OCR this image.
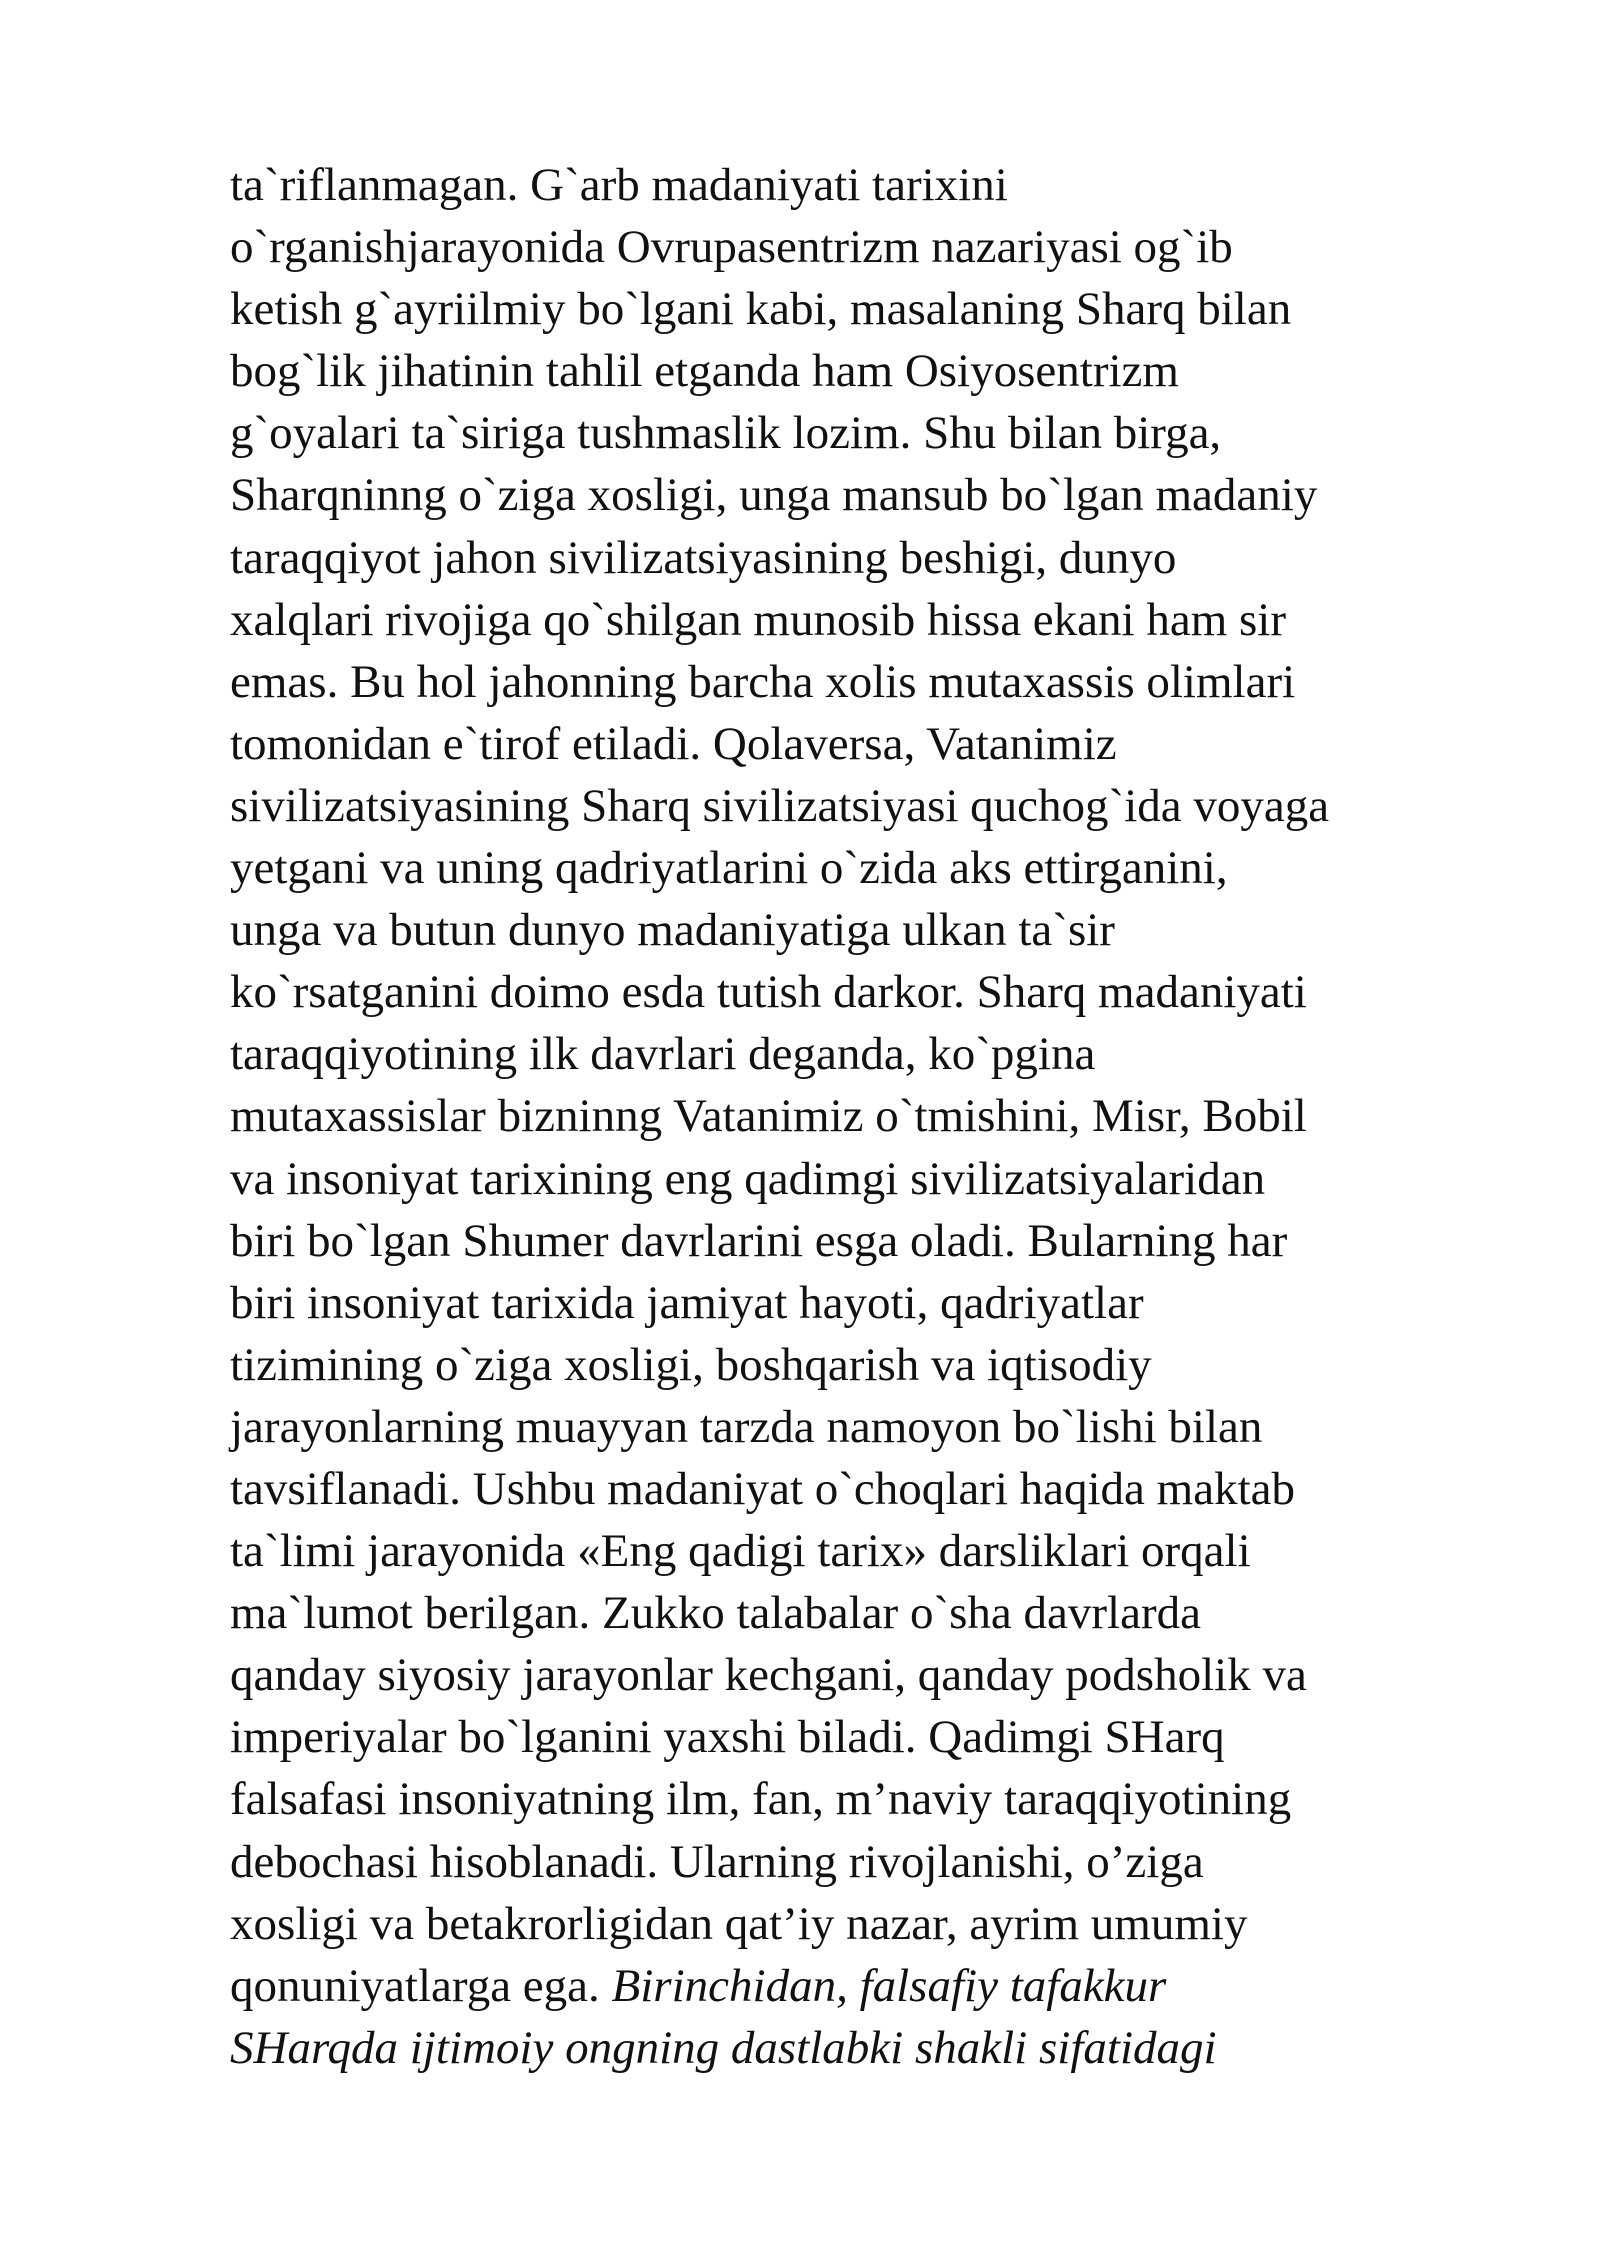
ta`riflanmagan. G`arb madaniyati tarixini
o`rganishjarayonida Ovrupasentrizm nazariyasi og`ib
ketish g`ayriilmiy bo`lgani kabi, masalaning Sharq bilan
bog`lik jihatinin tahlil etganda ham Osiyosentrizm
g`oyalari ta`siriga tushmaslik lozim. Shu bilan birga,
Sharqninng o`ziga xosligi, unga mansub bo`lgan madaniy
taraqqiyot jahon sivilizatsiyasining beshigi, dunyo
xalqlari rivojiga qo`shilgan munosib hissa ekani ham sir
emas. Bu hol jahonning barcha xolis mutaxassis olimlari
tomonidan e`tirof etiladi. Qolaversa, Vatanimiz
sivilizatsiyasining Sharq sivilizatsiyasi quchog`ida voyaga
yetgani va uning qadriyatlarini o`zida aks ettirganini,
unga va butun dunyo madaniyatiga ulkan ta`sir
ko`rsatganini doimo esda tutish darkor. Sharq madaniyati
taraqqiyotining ilk davrlari deganda, ko`pgina
mutaxassislar bizninng Vatanimiz o`tmishini, Misr, Bobil
va insoniyat tarixining eng qadimgi sivilizatsiyalaridan
biri bo`lgan Shumer davrlarini esga oladi. Bularning har
biri insoniyat tarixida jamiyat hayoti, qadriyatlar
tizimining o`ziga xosligi, boshqarish va iqtisodiy
jarayonlarning muayyan tarzda namoyon bo`lishi bilan
tavsiflanadi. Ushbu madaniyat o`choqlari haqida maktab
ta`limi jarayonida «Eng qadigi tarix» darsliklari orqali
ma`lumot berilgan. Zukko talabalar o`sha davrlarda
qanday siyosiy jarayonlar kechgani, qanday podsholik va
imperiyalar bo`lganini yaxshi biladi. Qadimgi SHarq
falsafasi insoniyatning ilm, fan, m’naviy taraqqiyotining
debochasi hisoblanadi. Ularning rivojlanishi, o’ziga
xosligi va betakrorligidan qat’iy nazar, ayrim umumiy
qonuniyatlarga ega. Birinchidan, falsafiy tafakkur
SHarqda ijtimoiy ongning dastlabki shakli sifatidagi
